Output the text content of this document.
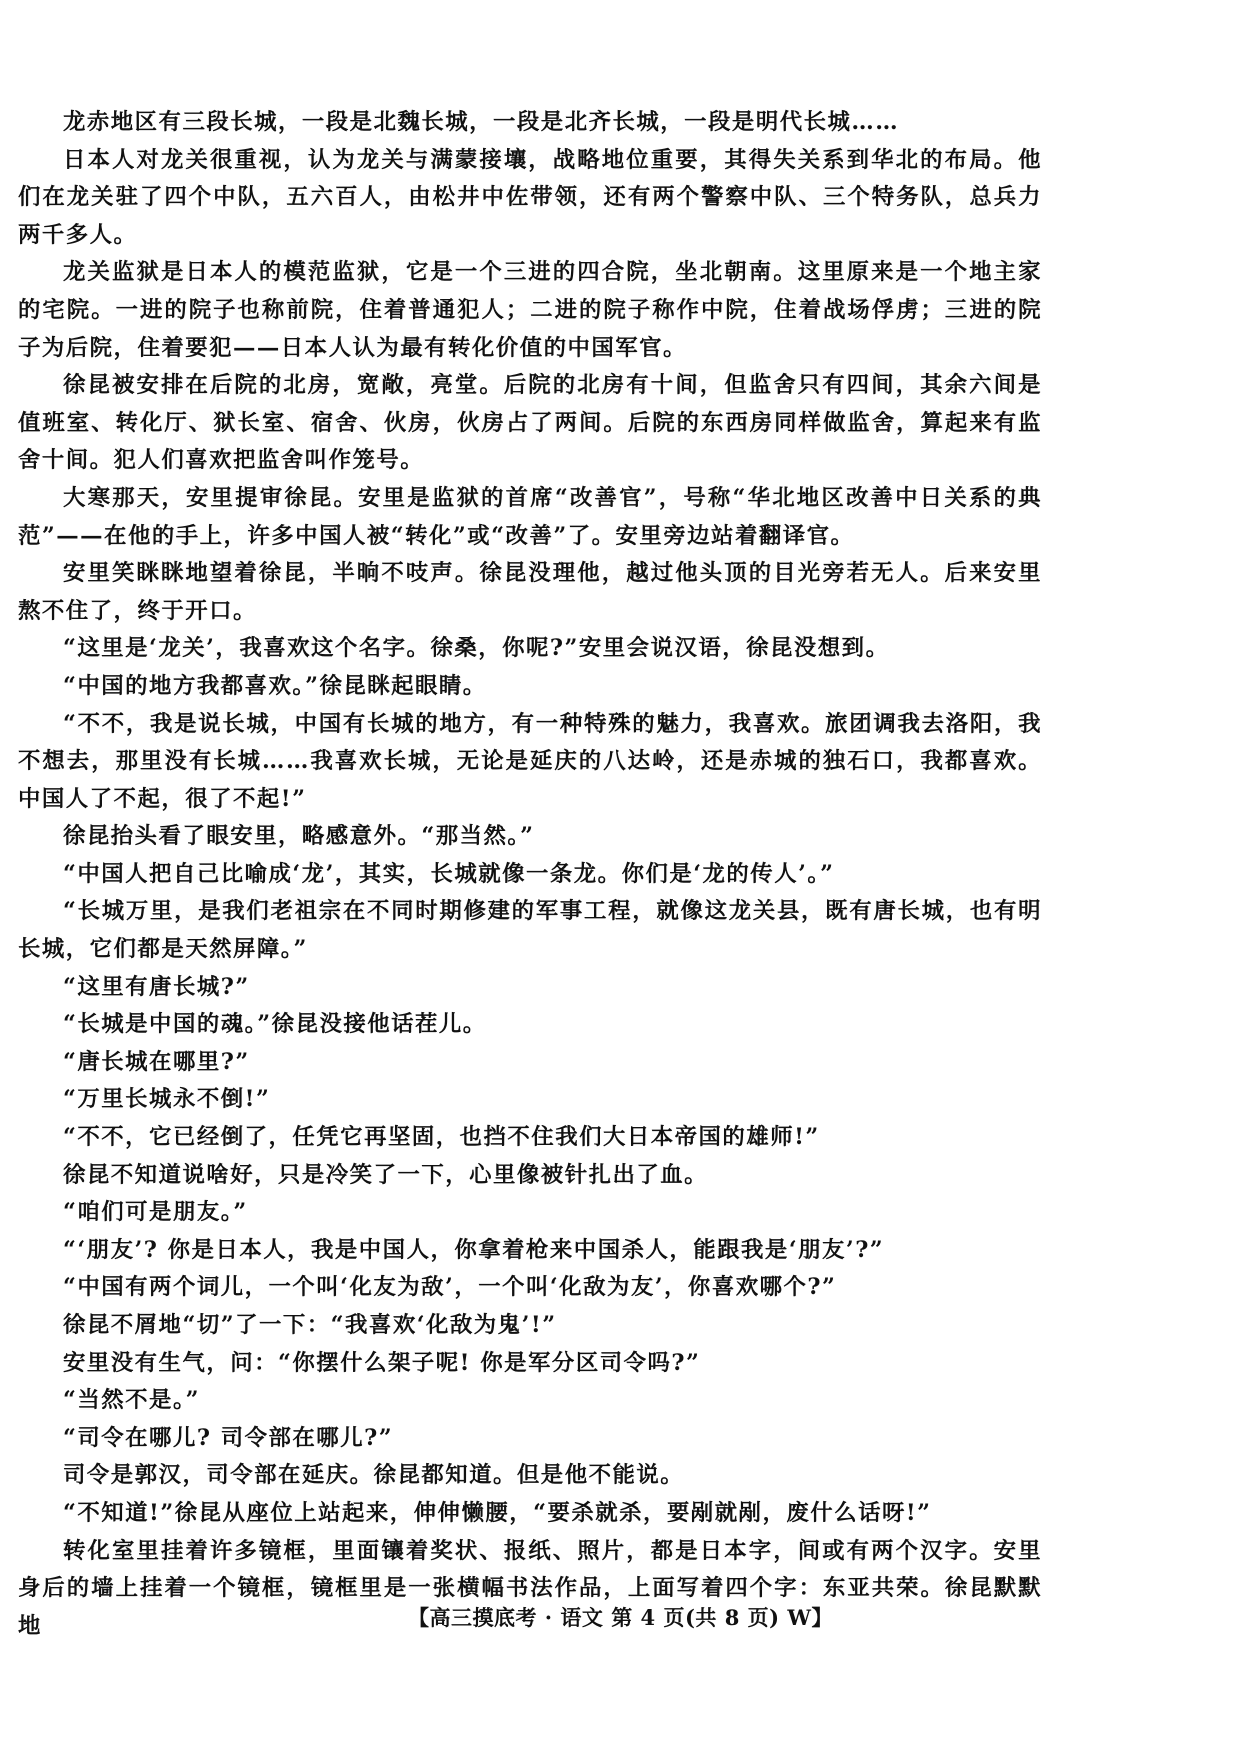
龙赤地区有三段长城，一段是北魏长城，一段是北齐长城，一段是明代长城……

日本人对龙关很重视，认为龙关与满蒙接壤，战略地位重要，其得失关系到华北的布局。他们在龙关驻了四个中队，五六百人，由松井中佐带领，还有两个警察中队、三个特务队，总兵力两千多人。

龙关监狱是日本人的模范监狱，它是一个三进的四合院，坐北朝南。这里原来是一个地主家的宅院。一进的院子也称前院，住着普通犯人；二进的院子称作中院，住着战场俘虏；三进的院子为后院，住着要犯——日本人认为最有转化价值的中国军官。

徐昆被安排在后院的北房，宽敞，亮堂。后院的北房有十间，但监舍只有四间，其余六间是值班室、转化厅、狱长室、宿舍、伙房，伙房占了两间。后院的东西房同样做监舍，算起来有监舍十间。犯人们喜欢把监舍叫作笼号。

大寒那天，安里提审徐昆。安里是监狱的首席“改善官”，号称“华北地区改善中日关系的典范”——在他的手上，许多中国人被“转化”或“改善”了。安里旁边站着翻译官。

安里笑眯眯地望着徐昆，半晌不吱声。徐昆没理他，越过他头顶的目光旁若无人。后来安里熬不住了，终于开口。

“这里是‘龙关’，我喜欢这个名字。徐桑，你呢?”安里会说汉语，徐昆没想到。

“中国的地方我都喜欢。”徐昆眯起眼睛。

“不不，我是说长城，中国有长城的地方，有一种特殊的魅力，我喜欢。旅团调我去洛阳，我不想去，那里没有长城……我喜欢长城，无论是延庆的八达岭，还是赤城的独石口，我都喜欢。中国人了不起，很了不起!”

徐昆抬头看了眼安里，略感意外。“那当然。”

“中国人把自己比喻成‘龙’，其实，长城就像一条龙。你们是‘龙的传人’。”

“长城万里，是我们老祖宗在不同时期修建的军事工程，就像这龙关县，既有唐长城，也有明长城，它们都是天然屏障。”

“这里有唐长城?”

“长城是中国的魂。”徐昆没接他话茬儿。

“唐长城在哪里?”

“万里长城永不倒!”

“不不，它已经倒了，任凭它再坚固，也挡不住我们大日本帝国的雄师!”

徐昆不知道说啥好，只是冷笑了一下，心里像被针扎出了血。

“咱们可是朋友。”

“‘朋友’? 你是日本人，我是中国人，你拿着枪来中国杀人，能跟我是‘朋友’?”

“中国有两个词儿，一个叫‘化友为敌’，一个叫‘化敌为友’，你喜欢哪个?”

徐昆不屑地“切”了一下：“我喜欢‘化敌为鬼’!”

安里没有生气，问：“你摆什么架子呢! 你是军分区司令吗?”

“当然不是。”

“司令在哪儿? 司令部在哪儿?”

司令是郭汉，司令部在延庆。徐昆都知道。但是他不能说。

“不知道!”徐昆从座位上站起来，伸伸懒腰，“要杀就杀，要剐就剐，废什么话呀!”

转化室里挂着许多镜框，里面镶着奖状、报纸、照片，都是日本字，间或有两个汉字。安里身后的墙上挂着一个镜框，镜框里是一张横幅书法作品，上面写着四个字：东亚共荣。徐昆默默地	【高三摸底考 · 语文 第 4 页(共 8 页) W】
